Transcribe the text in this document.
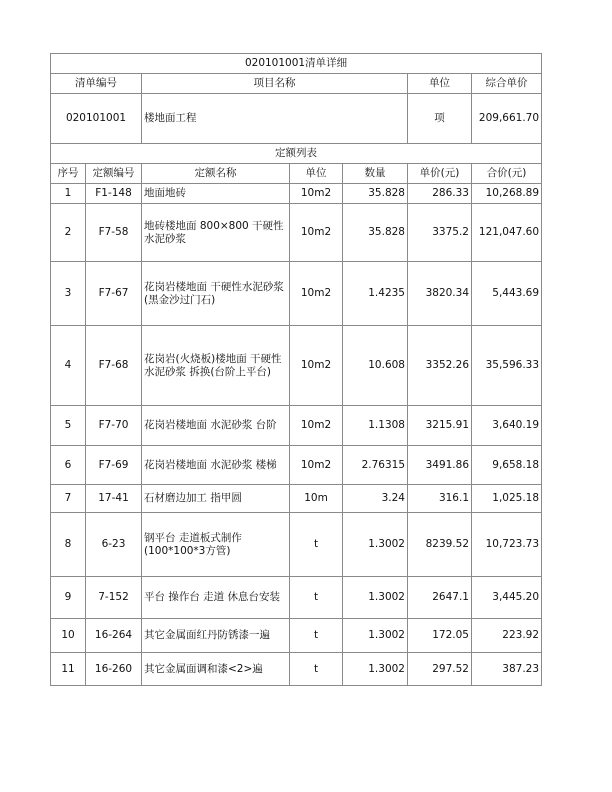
020101001清单详细						
清单编号		项目名称			单位	综合单价
020101001		楼地面工程			项	209,661.70
定额列表						
序号	定额编号	定额名称	单位	数量	单价(元)	合价(元)
1	F1-148	地面地砖	10m2	35.828	286.33	10,268.89
2	F7-58	地砖楼地面 800×800 干硬性水泥砂浆	10m2	35.828	3375.2	121,047.60
3	F7-67	花岗岩楼地面 干硬性水泥砂浆 (黑金沙过门石)	10m2	1.4235	3820.34	5,443.69
4	F7-68	花岗岩(火烧板)楼地面 干硬性水泥砂浆 拆换(台阶上平台)	10m2	10.608	3352.26	35,596.33
5	F7-70	花岗岩楼地面 水泥砂浆 台阶	10m2	1.1308	3215.91	3,640.19
6	F7-69	花岗岩楼地面 水泥砂浆 楼梯	10m2	2.76315	3491.86	9,658.18
7	17-41	石材磨边加工 指甲圆	10m	3.24	316.1	1,025.18
8	6-23	钢平台 走道板式制作(100*100*3方管)	t	1.3002	8239.52	10,723.73
9	7-152	平台 操作台 走道 休息台安装	t	1.3002	2647.1	3,445.20
10	16-264	其它金属面红丹防锈漆一遍	t	1.3002	172.05	223.92
11	16-260	其它金属面调和漆<2>遍	t	1.3002	297.52	387.23
